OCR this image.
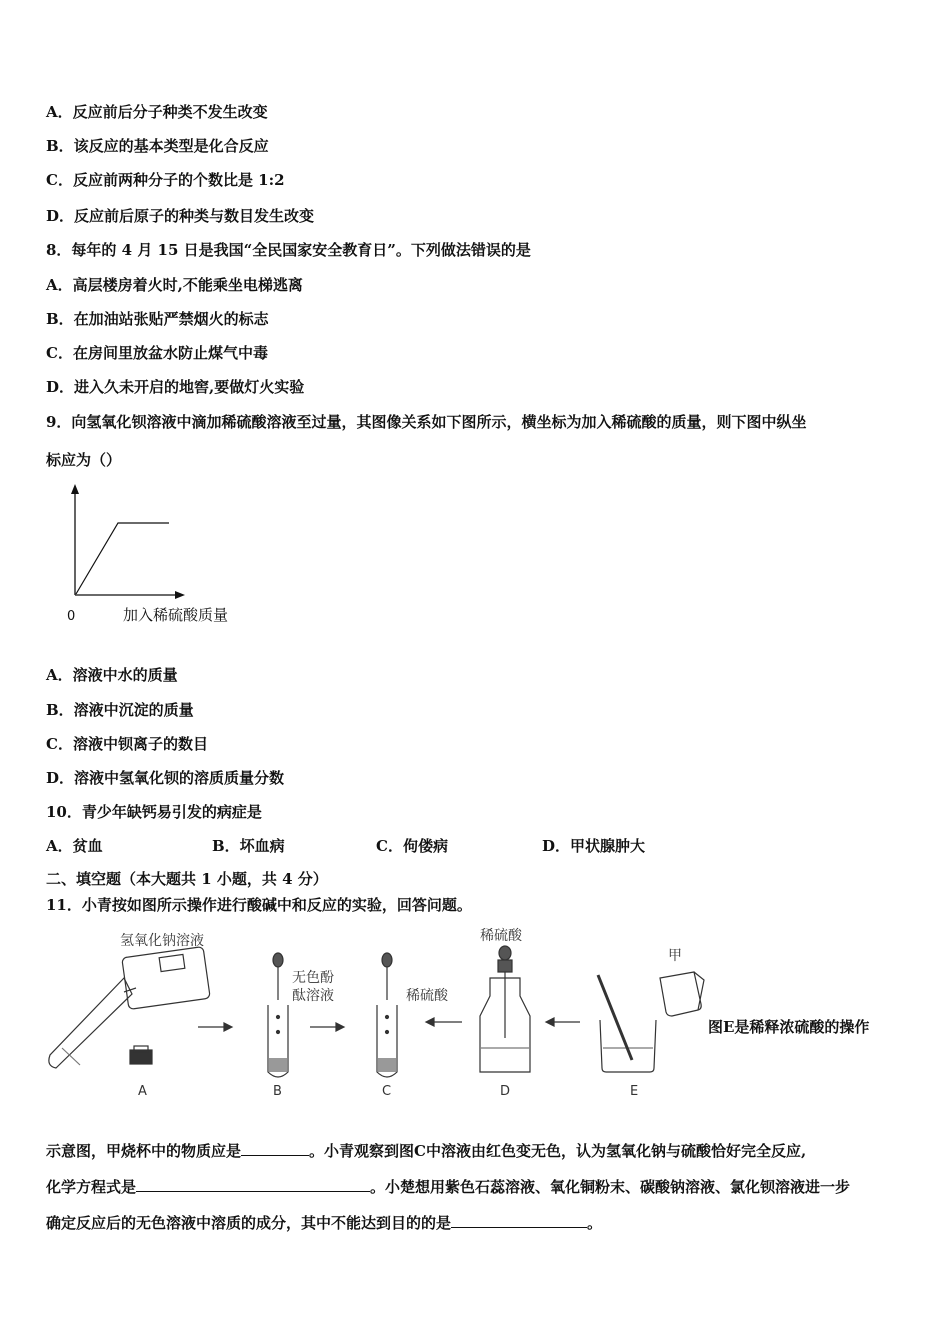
A．反应前后分子种类不发生改变
B．该反应的基本类型是化合反应
C．反应前两种分子的个数比是 1:2
D．反应前后原子的种类与数目发生改变
8．每年的 4 月 15 日是我国“全民国家安全教育日”。下列做法错误的是
A．高层楼房着火时,不能乘坐电梯逃离
B．在加油站张贴严禁烟火的标志
C．在房间里放盆水防止煤气中毒
D．进入久未开启的地窖,要做灯火实验
9．向氢氧化钡溶液中滴加稀硫酸溶液至过量，其图像关系如下图所示，横坐标为加入稀硫酸的质量，则下图中纵坐
标应为（）
0	加入稀硫酸质量
A．溶液中水的质量
B．溶液中沉淀的质量
C．溶液中钡离子的数目
D．溶液中氢氧化钡的溶质质量分数
10．青少年缺钙易引发的病症是
A．贫血	B．坏血病	C．佝偻病	D．甲状腺肿大
二、填空题（本大题共 1 小题，共 4 分）
11．小青按如图所示操作进行酸碱中和反应的实验，回答问题。
氢氧化钠溶液
A
无色酚
酞溶液
B
稀硫酸
C
稀硫酸
D
甲
E
图E是稀释浓硫酸的操作
示意图，甲烧杯中的物质应是	。小青观察到图C中溶液由红色变无色，认为氢氧化钠与硫酸恰好完全反应,
化学方程式是	。小楚想用紫色石蕊溶液、氧化铜粉末、碳酸钠溶液、氯化钡溶液进一步
确定反应后的无色溶液中溶质的成分，其中不能达到目的的是	。
